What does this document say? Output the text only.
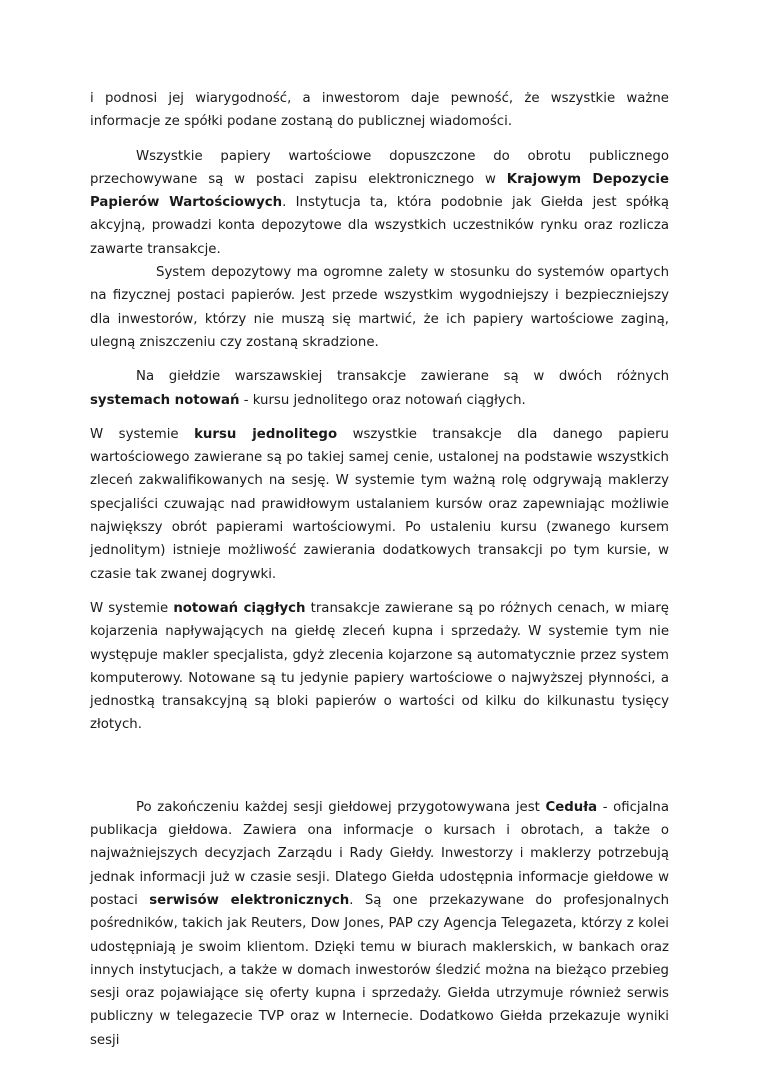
i podnosi jej wiarygodność, a inwestorom daje pewność, że wszystkie ważne informacje ze spółki podane zostaną do publicznej wiadomości.

Wszystkie papiery wartościowe dopuszczone do obrotu publicznego przechowywane są w postaci zapisu elektronicznego w Krajowym Depozycie Papierów Wartościowych. Instytucja ta, która podobnie jak Giełda jest spółką akcyjną, prowadzi konta depozytowe dla wszystkich uczestników rynku oraz rozlicza zawarte transakcje.

System depozytowy ma ogromne zalety w stosunku do systemów opartych na fizycznej postaci papierów. Jest przede wszystkim wygodniejszy i bezpieczniejszy dla inwestorów, którzy nie muszą się martwić, że ich papiery wartościowe zaginą, ulegną zniszczeniu czy zostaną skradzione.

Na giełdzie warszawskiej transakcje zawierane są w dwóch różnych systemach notowań - kursu jednolitego oraz notowań ciągłych.

W systemie kursu jednolitego wszystkie transakcje dla danego papieru wartościowego zawierane są po takiej samej cenie, ustalonej na podstawie wszystkich zleceń zakwalifikowanych na sesję. W systemie tym ważną rolę odgrywają maklerzy specjaliści czuwając nad prawidłowym ustalaniem kursów oraz zapewniając możliwie największy obrót papierami wartościowymi. Po ustaleniu kursu (zwanego kursem jednolitym) istnieje możliwość zawierania dodatkowych transakcji po tym kursie, w czasie tak zwanej dogrywki.

W systemie notowań ciągłych transakcje zawierane są po różnych cenach, w miarę kojarzenia napływających na giełdę zleceń kupna i sprzedaży. W systemie tym nie występuje makler specjalista, gdyż zlecenia kojarzone są automatycznie przez system komputerowy. Notowane są tu jedynie papiery wartościowe o najwyższej płynności, a jednostką transakcyjną są bloki papierów o wartości od kilku do kilkunastu tysięcy złotych.

Po zakończeniu każdej sesji giełdowej przygotowywana jest Ceduła - oficjalna publikacja giełdowa. Zawiera ona informacje o kursach i obrotach, a także o najważniejszych decyzjach Zarządu i Rady Giełdy. Inwestorzy i maklerzy potrzebują jednak informacji już w czasie sesji. Dlatego Giełda udostępnia informacje giełdowe w postaci serwisów elektronicznych. Są one przekazywane do profesjonalnych pośredników, takich jak Reuters, Dow Jones, PAP czy Agencja Telegazeta, którzy z kolei udostępniają je swoim klientom. Dzięki temu w biurach maklerskich, w bankach oraz innych instytucjach, a także w domach inwestorów śledzić można na bieżąco przebieg sesji oraz pojawiające się oferty kupna i sprzedaży. Giełda utrzymuje również serwis publiczny w telegazecie TVP oraz w Internecie. Dodatkowo Giełda przekazuje wyniki sesji
